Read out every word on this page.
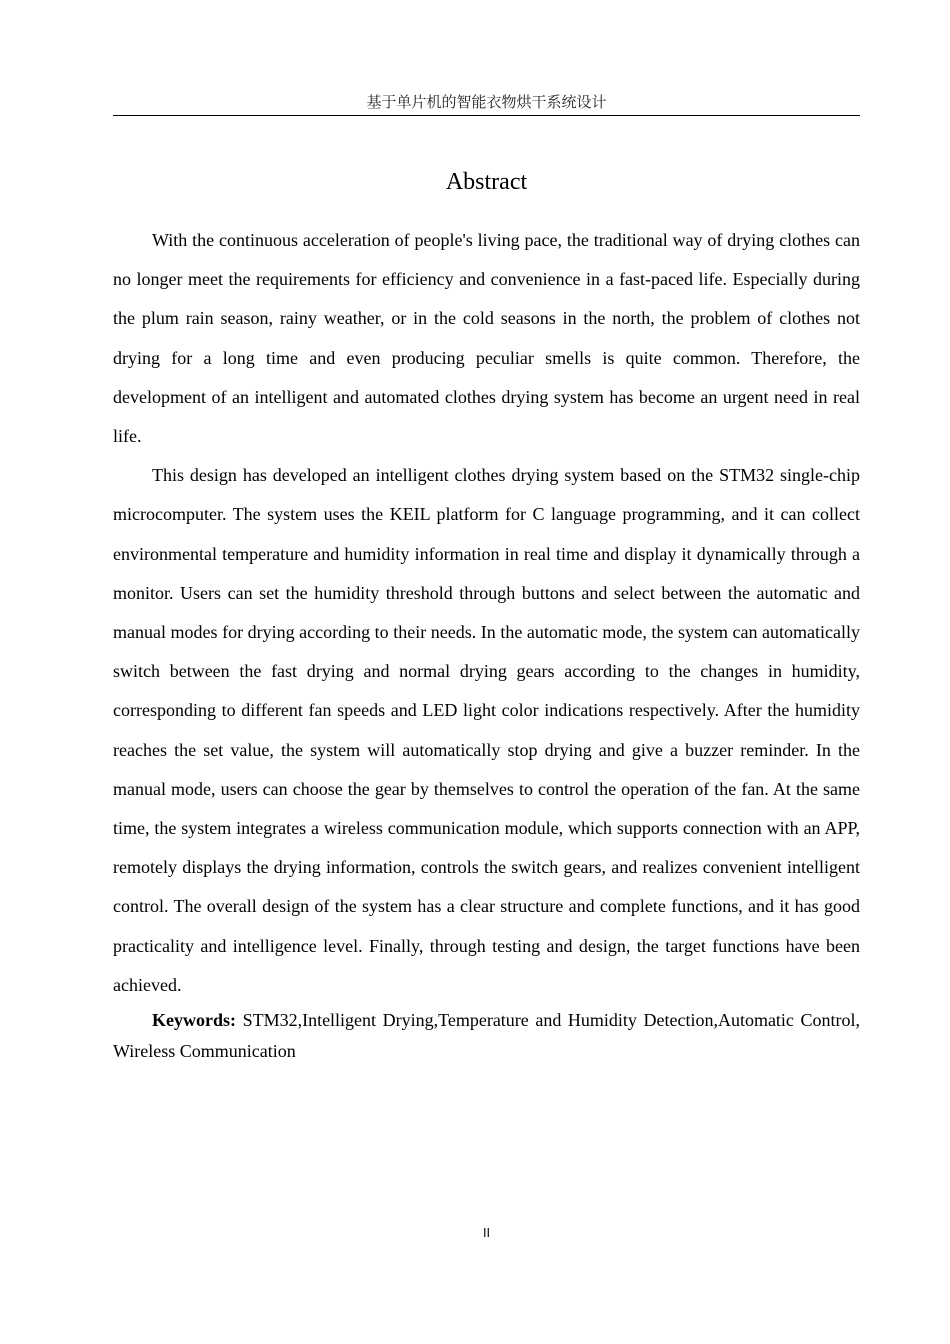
基于单片机的智能衣物烘干系统设计
Abstract

With the continuous acceleration of people's living pace, the traditional way of drying clothes can no longer meet the requirements for efficiency and convenience in a fast-paced life. Especially during the plum rain season, rainy weather, or in the cold seasons in the north, the problem of clothes not drying for a long time and even producing peculiar smells is quite common. Therefore, the development of an intelligent and automated clothes drying system has become an urgent need in real life.

This design has developed an intelligent clothes drying system based on the STM32 single-chip microcomputer. The system uses the KEIL platform for C language programming, and it can collect environmental temperature and humidity information in real time and display it dynamically through a monitor. Users can set the humidity threshold through buttons and select between the automatic and manual modes for drying according to their needs. In the automatic mode, the system can automatically switch between the fast drying and normal drying gears according to the changes in humidity, corresponding to different fan speeds and LED light color indications respectively. After the humidity reaches the set value, the system will automatically stop drying and give a buzzer reminder. In the manual mode, users can choose the gear by themselves to control the operation of the fan. At the same time, the system integrates a wireless communication module, which supports connection with an APP, remotely displays the drying information, controls the switch gears, and realizes convenient intelligent control. The overall design of the system has a clear structure and complete functions, and it has good practicality and intelligence level. Finally, through testing and design, the target functions have been achieved.

Keywords: STM32,Intelligent Drying,Temperature and Humidity Detection,Automatic Control, Wireless Communication

II
